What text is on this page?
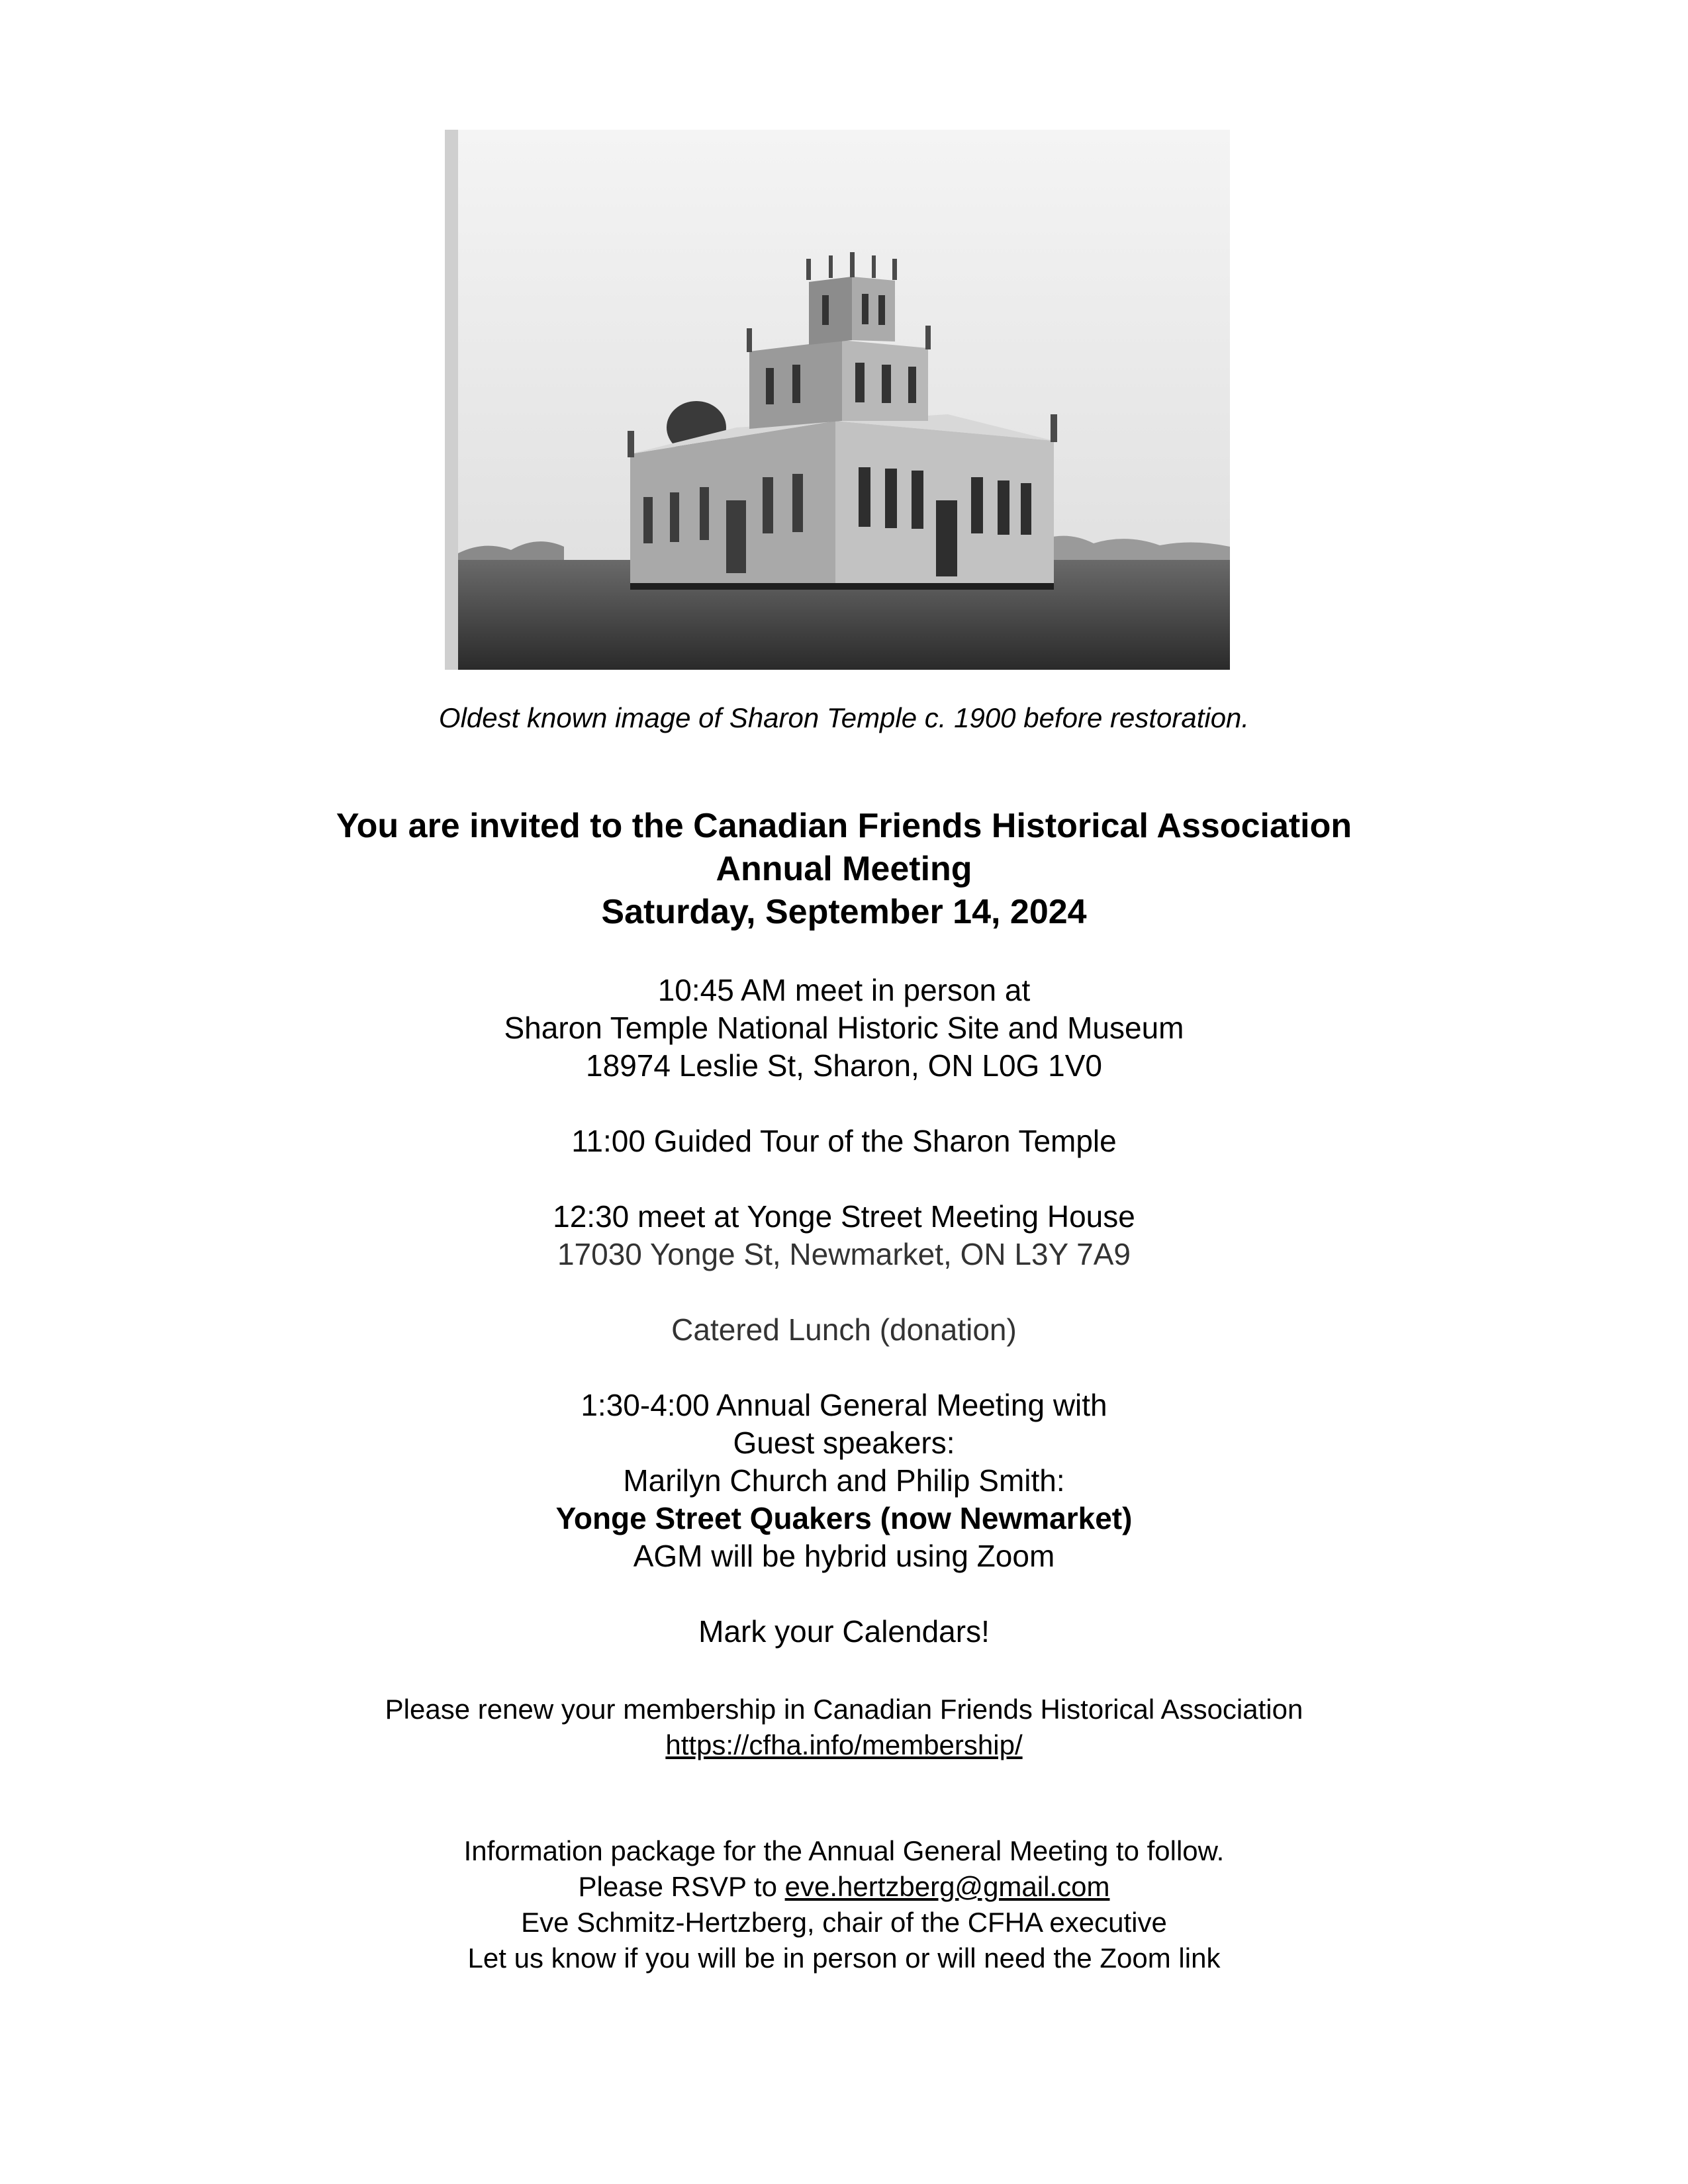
Oldest known image of Sharon Temple c. 1900 before restoration.

You are invited to the Canadian Friends Historical Association

Annual Meeting

Saturday, September 14, 2024

10:45 AM meet in person at

Sharon Temple National Historic Site and Museum

18974 Leslie St, Sharon, ON L0G 1V0

11:00 Guided Tour of the Sharon Temple

12:30 meet at Yonge Street Meeting House

17030 Yonge St, Newmarket, ON L3Y 7A9

Catered Lunch (donation)

1:30-4:00 Annual General Meeting with

Guest speakers:

Marilyn Church and Philip Smith:

Yonge Street Quakers (now Newmarket)

AGM will be hybrid using Zoom

Mark your Calendars!

Please renew your membership in Canadian Friends Historical Association

https://cfha.info/membership/

Information package for the Annual General Meeting to follow.

Please RSVP to eve.hertzberg@gmail.com

Eve Schmitz-Hertzberg, chair of the CFHA executive

Let us know if you will be in person or will need the Zoom link
